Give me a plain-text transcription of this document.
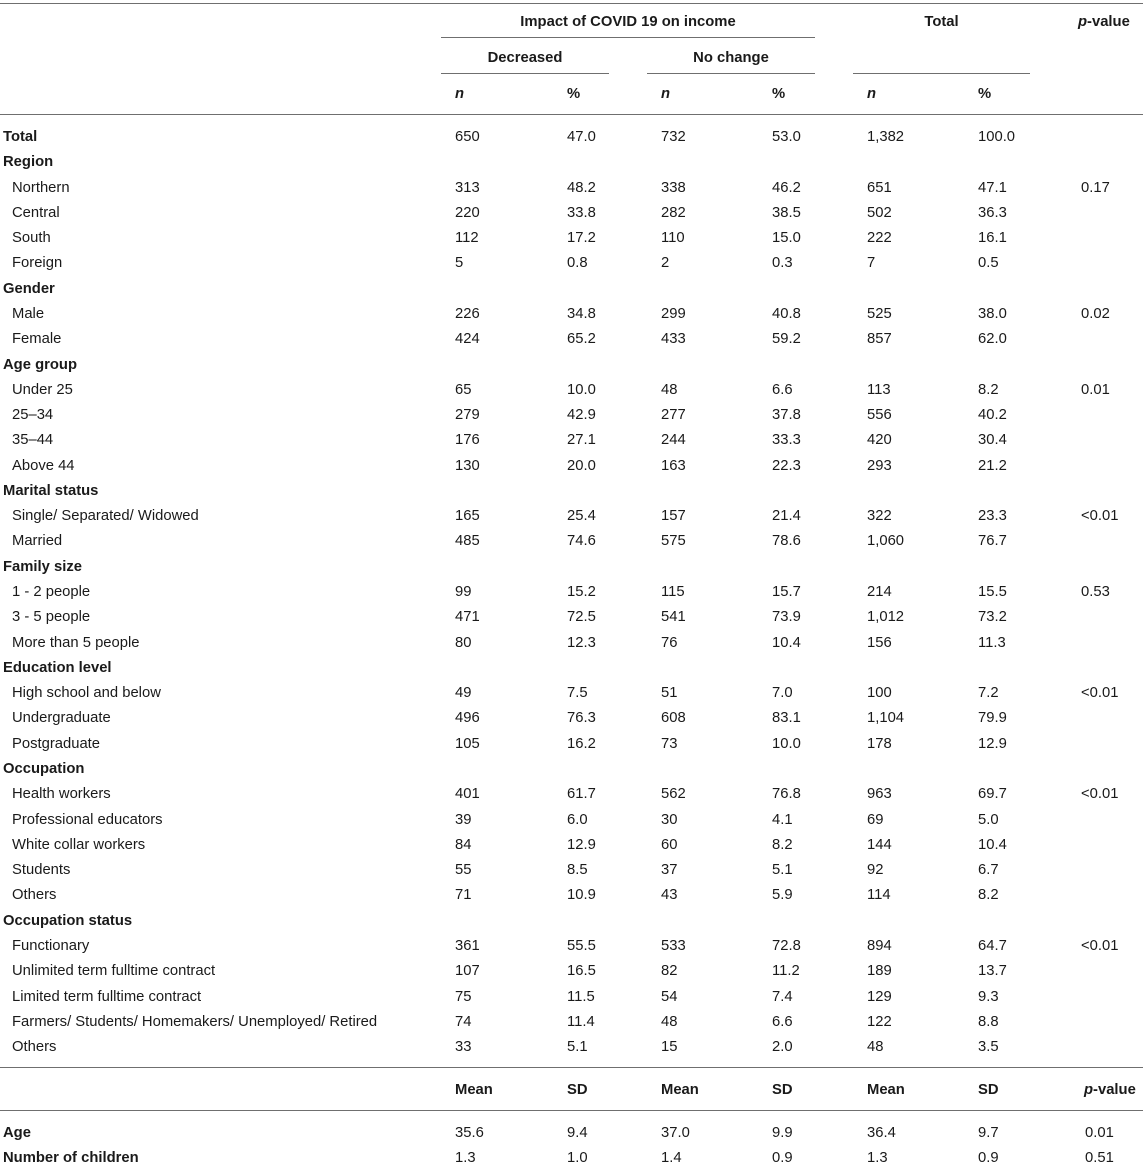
Impact of COVID 19 on income	Total	p-value
Decreased	No change
n	%	n	%	n	%
Total	650	47.0	732	53.0	1,382	100.0
Region
Northern	313	48.2	338	46.2	651	47.1	0.17
Central	220	33.8	282	38.5	502	36.3
South	112	17.2	110	15.0	222	16.1
Foreign	5	0.8	2	0.3	7	0.5
Gender
Male	226	34.8	299	40.8	525	38.0	0.02
Female	424	65.2	433	59.2	857	62.0
Age group
Under 25	65	10.0	48	6.6	113	8.2	0.01
25–34	279	42.9	277	37.8	556	40.2
35–44	176	27.1	244	33.3	420	30.4
Above 44	130	20.0	163	22.3	293	21.2
Marital status
Single/ Separated/ Widowed	165	25.4	157	21.4	322	23.3	<0.01
Married	485	74.6	575	78.6	1,060	76.7
Family size
1 - 2 people	99	15.2	115	15.7	214	15.5	0.53
3 - 5 people	471	72.5	541	73.9	1,012	73.2
More than 5 people	80	12.3	76	10.4	156	11.3
Education level
High school and below	49	7.5	51	7.0	100	7.2	<0.01
Undergraduate	496	76.3	608	83.1	1,104	79.9
Postgraduate	105	16.2	73	10.0	178	12.9
Occupation
Health workers	401	61.7	562	76.8	963	69.7	<0.01
Professional educators	39	6.0	30	4.1	69	5.0
White collar workers	84	12.9	60	8.2	144	10.4
Students	55	8.5	37	5.1	92	6.7
Others	71	10.9	43	5.9	114	8.2
Occupation status
Functionary	361	55.5	533	72.8	894	64.7	<0.01
Unlimited term fulltime contract	107	16.5	82	11.2	189	13.7
Limited term fulltime contract	75	11.5	54	7.4	129	9.3
Farmers/ Students/ Homemakers/ Unemployed/ Retired	74	11.4	48	6.6	122	8.8
Others	33	5.1	15	2.0	48	3.5
Mean	SD	Mean	SD	Mean	SD	p-value
Age	35.6	9.4	37.0	9.9	36.4	9.7	0.01
Number of children	1.3	1.0	1.4	0.9	1.3	0.9	0.51
